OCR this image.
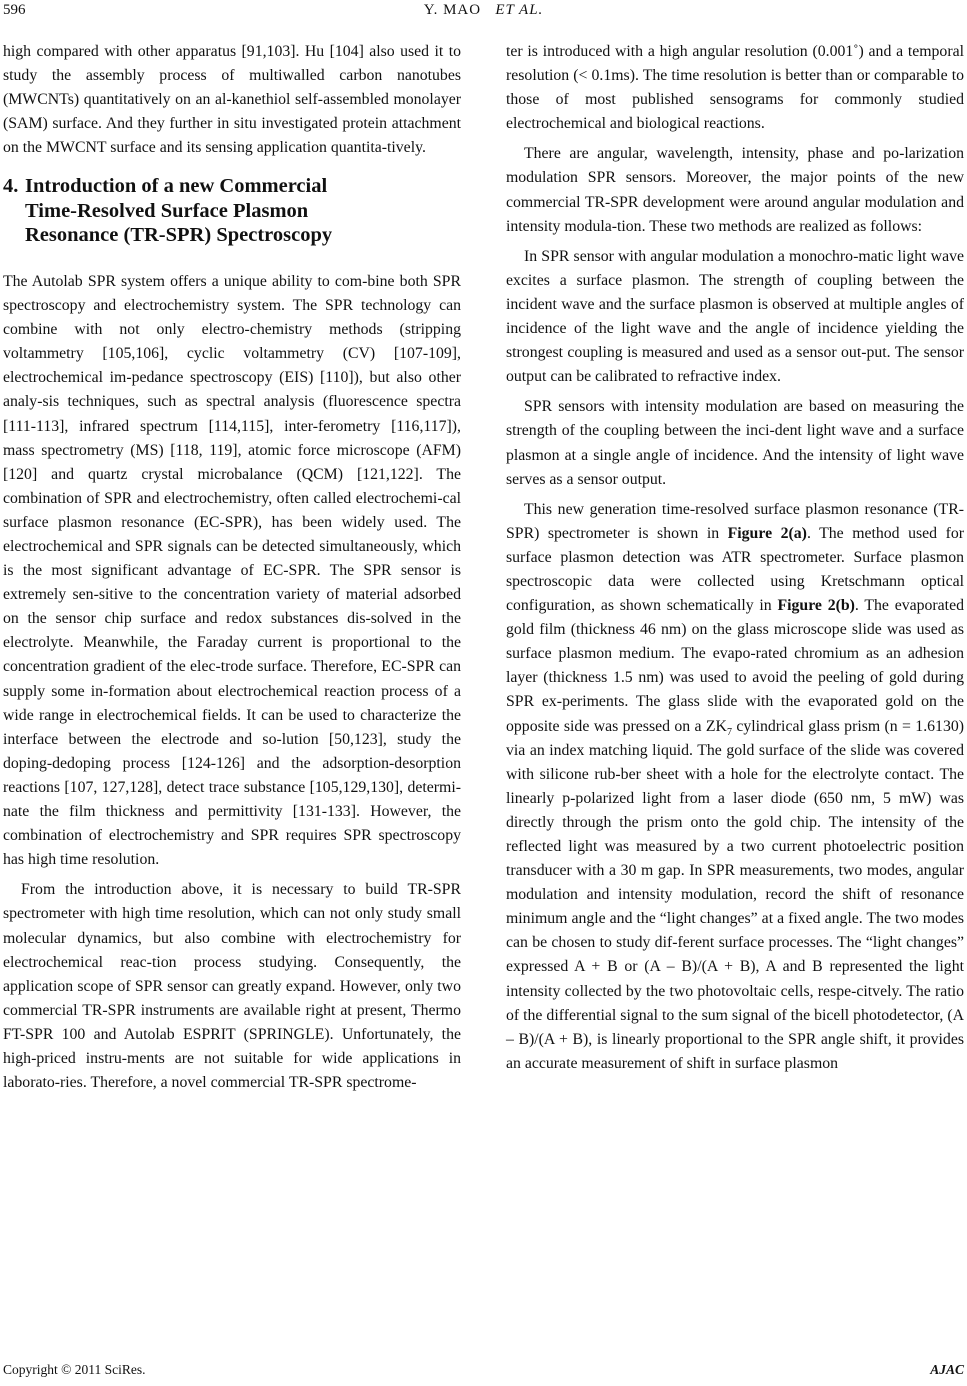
596	Y. MAO ET AL.

high compared with other apparatus [91,103]. Hu [104] also used it to study the assembly process of multiwalled carbon nanotubes (MWCNTs) quantitatively on an al-kanethiol self-assembled monolayer (SAM) surface. And they further in situ investigated protein attachment on the MWCNT surface and its sensing application quantita-tively.

4. Introduction of a new Commercial
Time-Resolved Surface Plasmon
Resonance (TR-SPR) Spectroscopy

The Autolab SPR system offers a unique ability to com-bine both SPR spectroscopy and electrochemistry system. The SPR technology can combine with not only electro-chemistry methods (stripping voltammetry [105,106], cyclic voltammetry (CV) [107-109], electrochemical im-pedance spectroscopy (EIS) [110]), but also other analy-sis techniques, such as spectral analysis (fluorescence spectra [111-113], infrared spectrum [114,115], inter-ferometry [116,117]), mass spectrometry (MS) [118, 119], atomic force microscope (AFM) [120] and quartz crystal microbalance (QCM) [121,122]. The combination of SPR and electrochemistry, often called electrochemi-cal surface plasmon resonance (EC-SPR), has been widely used. The electrochemical and SPR signals can be detected simultaneously, which is the most significant advantage of EC-SPR. The SPR sensor is extremely sen-sitive to the concentration variety of material adsorbed on the sensor chip surface and redox substances dis-solved in the electrolyte. Meanwhile, the Faraday current is proportional to the concentration gradient of the elec-trode surface. Therefore, EC-SPR can supply some in-formation about electrochemical reaction process of a wide range in electrochemical fields. It can be used to characterize the interface between the electrode and so-lution [50,123], study the doping-dedoping process [124-126] and the adsorption-desorption reactions [107, 127,128], detect trace substance [105,129,130], determi-nate the film thickness and permittivity [131-133]. However, the combination of electrochemistry and SPR requires SPR spectroscopy has high time resolution.

From the introduction above, it is necessary to build TR-SPR spectrometer with high time resolution, which can not only study small molecular dynamics, but also combine with electrochemistry for electrochemical reac-tion process studying. Consequently, the application scope of SPR sensor can greatly expand. However, only two commercial TR-SPR instruments are available right at present, Thermo FT-SPR 100 and Autolab ESPRIT (SPRINGLE). Unfortunately, the high-priced instru-ments are not suitable for wide applications in laborato-ries. Therefore, a novel commercial TR-SPR spectrome-

ter is introduced with a high angular resolution (0.001˚) and a temporal resolution (< 0.1ms). The time resolution is better than or comparable to those of most published sensograms for commonly studied electrochemical and biological reactions.

There are angular, wavelength, intensity, phase and po-larization modulation SPR sensors. Moreover, the major points of the new commercial TR-SPR development were around angular modulation and intensity modula-tion. These two methods are realized as follows:

In SPR sensor with angular modulation a monochro-matic light wave excites a surface plasmon. The strength of coupling between the incident wave and the surface plasmon is observed at multiple angles of incidence of the light wave and the angle of incidence yielding the strongest coupling is measured and used as a sensor out-put. The sensor output can be calibrated to refractive index.

SPR sensors with intensity modulation are based on measuring the strength of the coupling between the inci-dent light wave and a surface plasmon at a single angle of incidence. And the intensity of light wave serves as a sensor output.

This new generation time-resolved surface plasmon resonance (TR-SPR) spectrometer is shown in Figure 2(a). The method used for surface plasmon detection was ATR spectrometer. Surface plasmon spectroscopic data were collected using Kretschmann optical configuration, as shown schematically in Figure 2(b). The evaporated gold film (thickness 46 nm) on the glass microscope slide was used as surface plasmon medium. The evapo-rated chromium as an adhesion layer (thickness 1.5 nm) was used to avoid the peeling of gold during SPR ex-periments. The glass slide with the evaporated gold on the opposite side was pressed on a $ZK_7$ cylindrical glass prism (n = 1.6130) via an index matching liquid. The gold surface of the slide was covered with silicone rub-ber sheet with a hole for the electrolyte contact. The linearly p-polarized light from a laser diode (650 nm, 5 mW) was directly through the prism onto the gold chip. The intensity of the reflected light was measured by a two current photoelectric position transducer with a 30 m gap. In SPR measurements, two modes, angular modulation and intensity modulation, record the shift of resonance minimum angle and the “light changes” at a fixed angle. The two modes can be chosen to study dif-ferent surface processes. The “light changes” expressed A + B or (A – B)/(A + B), A and B represented the light intensity collected by the two photovoltaic cells, respe-citvely. The ratio of the differential signal to the sum signal of the bicell photodetector, (A – B)/(A + B), is linearly proportional to the SPR angle shift, it provides an accurate measurement of shift in surface plasmon

Copyright © 2011 SciRes.	AJAC
